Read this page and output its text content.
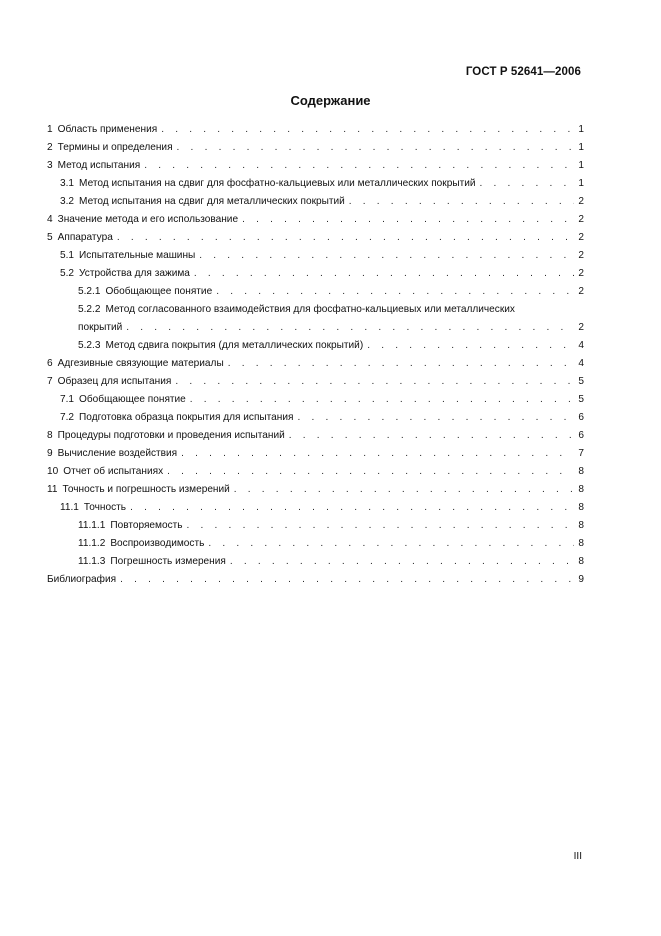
ГОСТ Р 52641—2006
Содержание
1 Область применения . . .	1
2 Термины и определения . . .	1
3 Метод испытания . . .	1
3.1 Метод испытания на сдвиг для фосфатно-кальциевых или металлических покрытий . . .	1
3.2 Метод испытания на сдвиг для металлических покрытий . . .	2
4 Значение метода и его использование . . .	2
5 Аппаратура . . .	2
5.1 Испытательные машины . . .	2
5.2 Устройства для зажима . . .	2
5.2.1 Обобщающее понятие . . .	2
5.2.2 Метод согласованного взаимодействия для фосфатно-кальциевых или металлических
покрытий . . .	2
5.2.3 Метод сдвига покрытия (для металлических покрытий) . . .	4
6 Адгезивные связующие материалы . . .	4
7 Образец для испытания . . .	5
7.1 Обобщающее понятие . . .	5
7.2 Подготовка образца покрытия для испытания . . .	6
8 Процедуры подготовки и проведения испытаний . . .	6
9 Вычисление воздействия . . .	7
10 Отчет об испытаниях . . .	8
11 Точность и погрешность измерений . . .	8
11.1 Точность . . .	8
11.1.1 Повторяемость . . .	8
11.1.2 Воспроизводимость . . .	8
11.1.3 Погрешность измерения . . .	8
Библиография . . .	9
III
